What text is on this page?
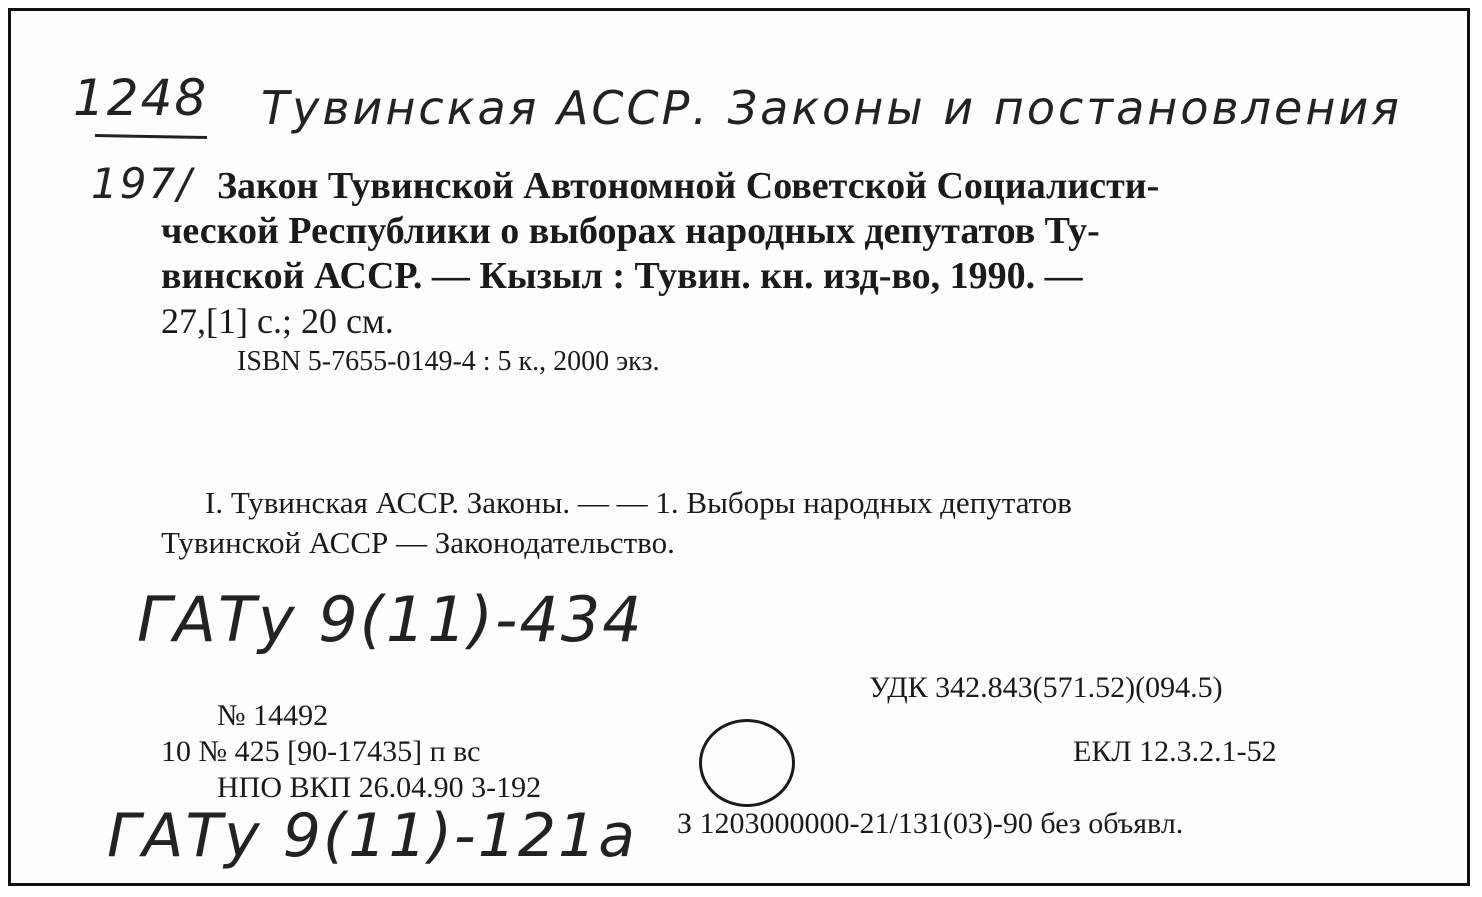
1248 Тувинская АССР. Законы и постановления
197/ Закон Тувинской Автономной Советской Социалисти-
ческой Республики о выборах народных депутатов Ту-
винской АССР. — Кызыл : Тувин. кн. изд-во, 1990. —
27,[1] с.; 20 см.
ISBN 5-7655-0149-4 : 5 к., 2000 экз.
I. Тувинская АССР. Законы. — — 1. Выборы народных депутатов
Тувинской АССР — Законодательство.
ГАТу 9(11)-434
УДК 342.843(571.52)(094.5)
№ 14492
10 № 425 [90-17435] п вс
НПО ВКП 26.04.90 3-192
ЕКЛ 12.3.2.1-52
ГАТу 9(11)-121а З 1203000000-21/131(03)-90 без объявл.
